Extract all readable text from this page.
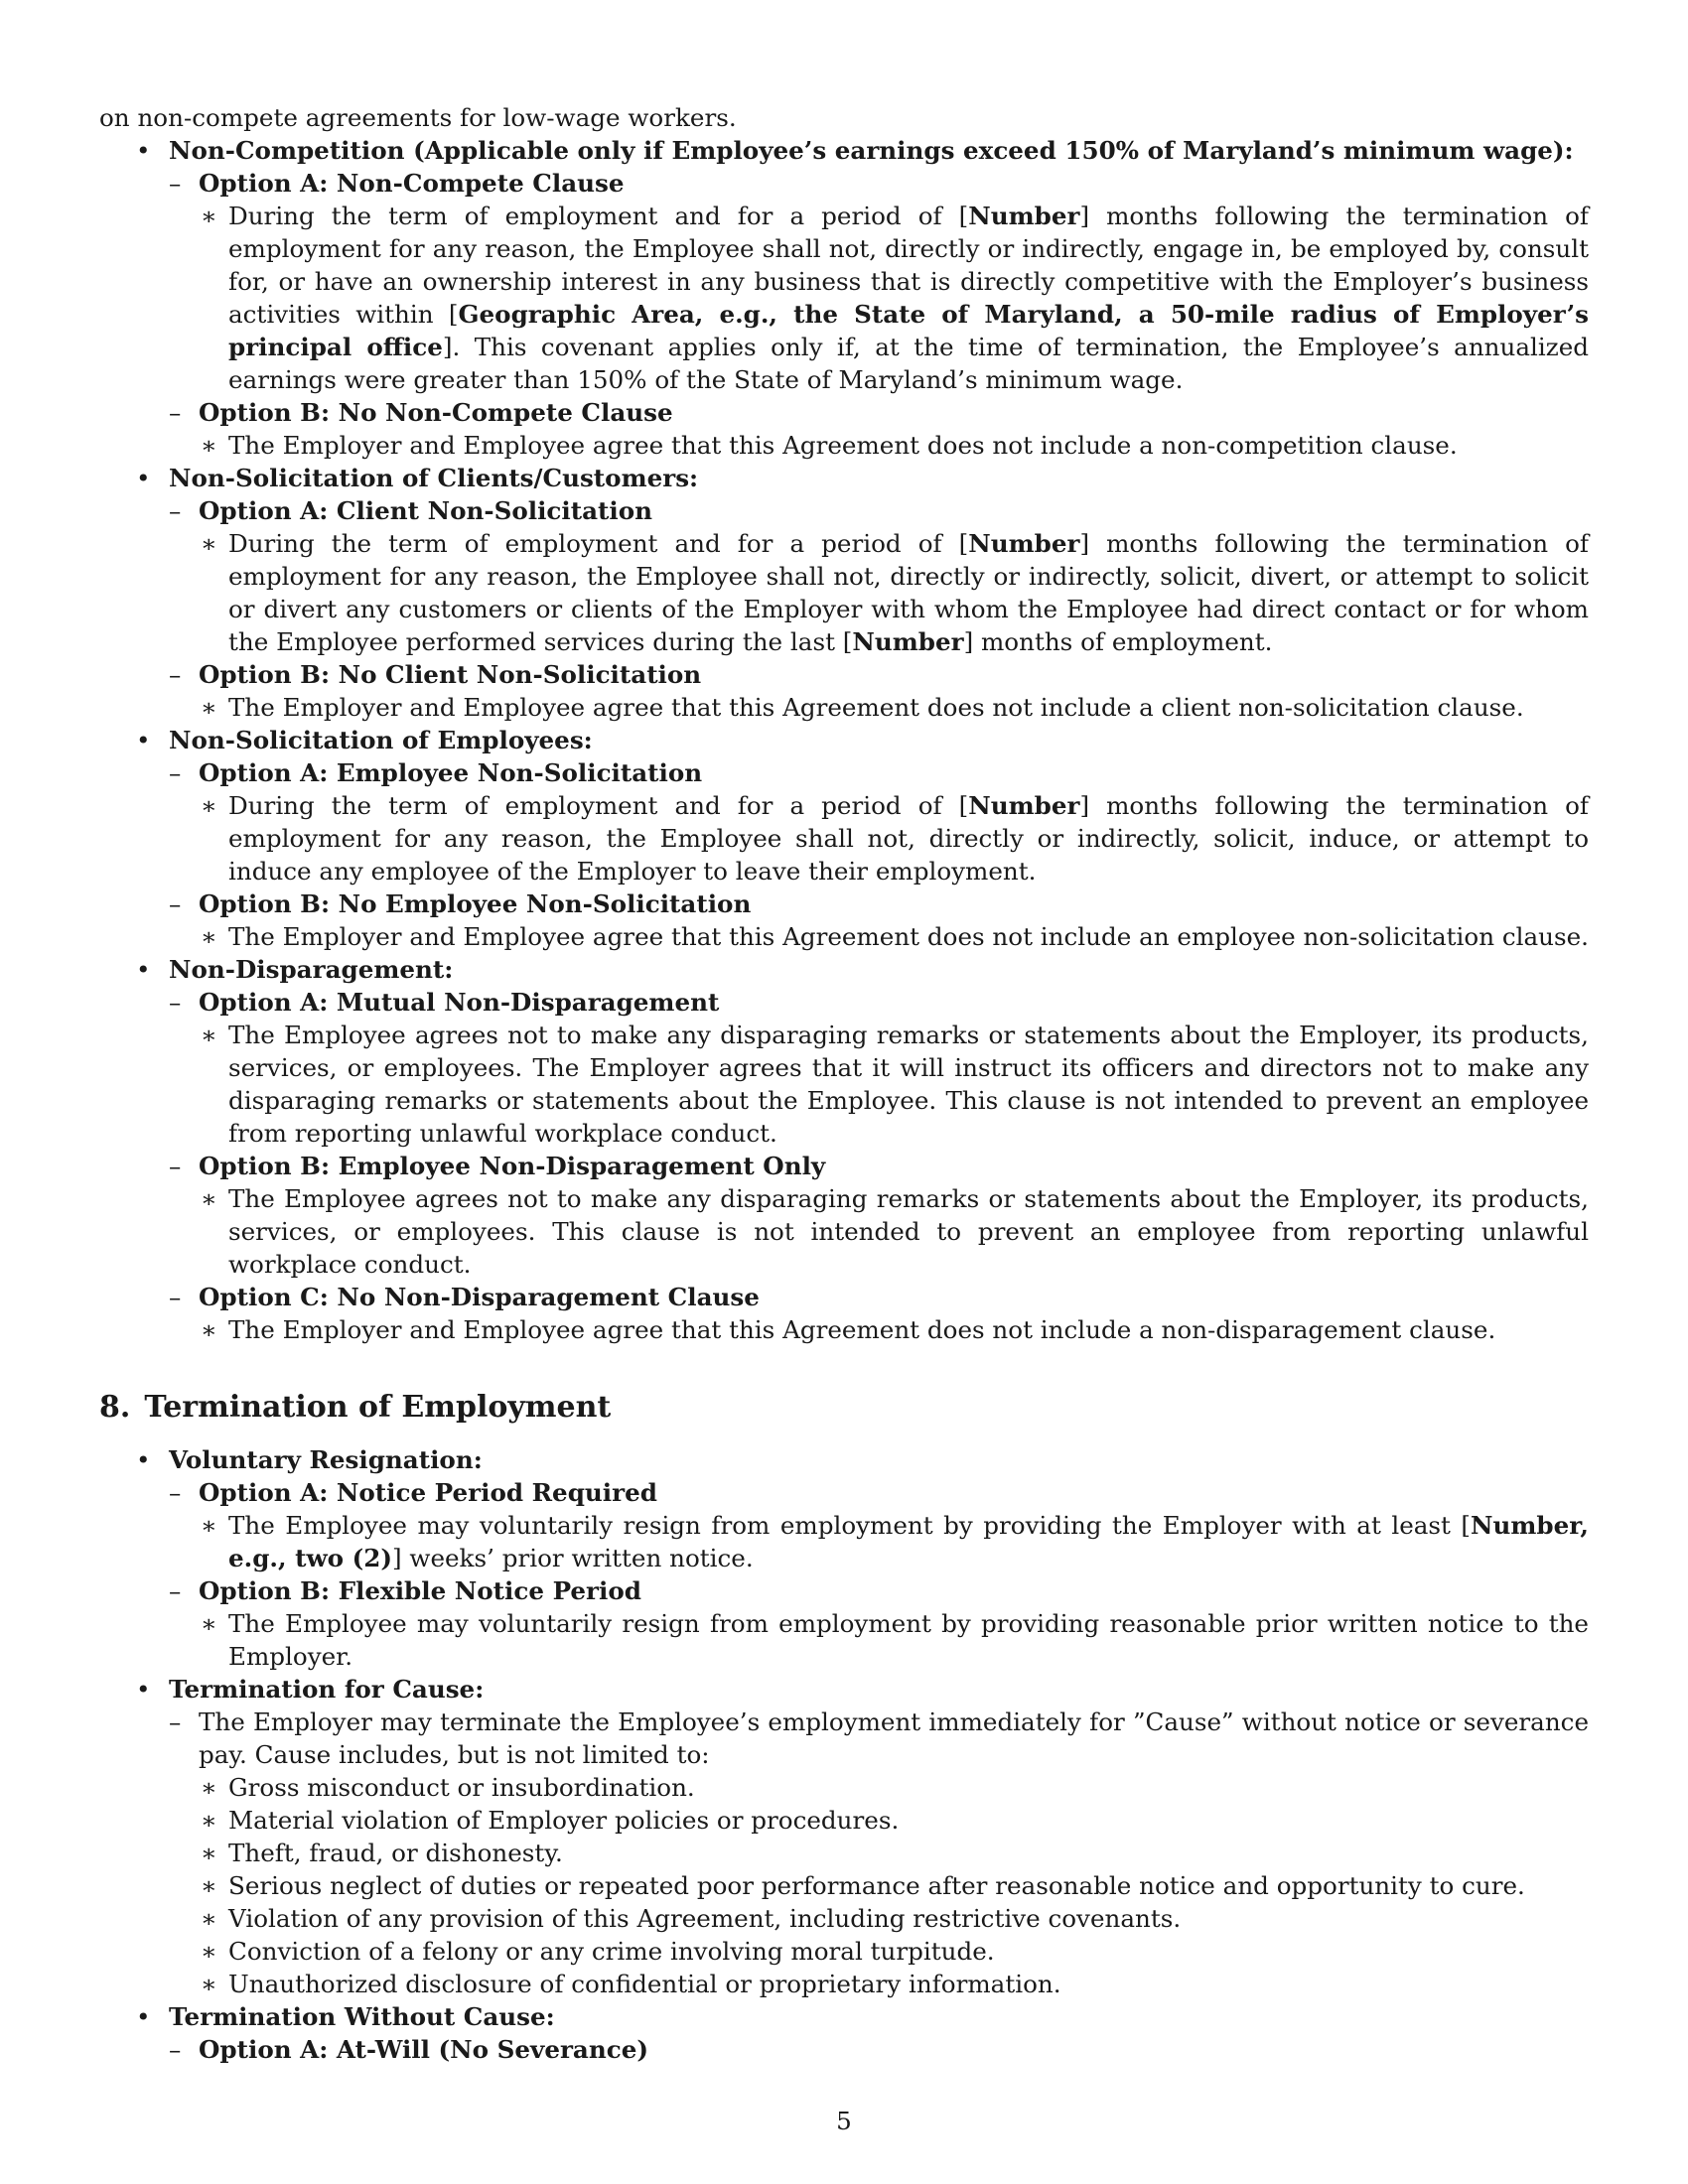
on non-compete agreements for low-wage workers.
• Non-Competition (Applicable only if Employee’s earnings exceed 150% of Maryland’s minimum wage):
– Option A: Non-Compete Clause
∗ During the term of employment and for a period of [Number] months following the termination of employment for any reason, the Employee shall not, directly or indirectly, engage in, be employed by, consult for, or have an ownership interest in any business that is directly competitive with the Employer’s business activities within [Geographic Area, e.g., the State of Maryland, a 50-mile radius of Employer’s principal office]. This covenant applies only if, at the time of termination, the Employee’s annualized earnings were greater than 150% of the State of Maryland’s minimum wage.
– Option B: No Non-Compete Clause
∗ The Employer and Employee agree that this Agreement does not include a non-competition clause.
• Non-Solicitation of Clients/Customers:
– Option A: Client Non-Solicitation
∗ During the term of employment and for a period of [Number] months following the termination of employment for any reason, the Employee shall not, directly or indirectly, solicit, divert, or attempt to solicit or divert any customers or clients of the Employer with whom the Employee had direct contact or for whom the Employee performed services during the last [Number] months of employment.
– Option B: No Client Non-Solicitation
∗ The Employer and Employee agree that this Agreement does not include a client non-solicitation clause.
• Non-Solicitation of Employees:
– Option A: Employee Non-Solicitation
∗ During the term of employment and for a period of [Number] months following the termination of employment for any reason, the Employee shall not, directly or indirectly, solicit, induce, or attempt to induce any employee of the Employer to leave their employment.
– Option B: No Employee Non-Solicitation
∗ The Employer and Employee agree that this Agreement does not include an employee non-solicitation clause.
• Non-Disparagement:
– Option A: Mutual Non-Disparagement
∗ The Employee agrees not to make any disparaging remarks or statements about the Employer, its products, services, or employees. The Employer agrees that it will instruct its officers and directors not to make any disparaging remarks or statements about the Employee. This clause is not intended to prevent an employee from reporting unlawful workplace conduct.
– Option B: Employee Non-Disparagement Only
∗ The Employee agrees not to make any disparaging remarks or statements about the Employer, its products, services, or employees. This clause is not intended to prevent an employee from reporting unlawful workplace conduct.
– Option C: No Non-Disparagement Clause
∗ The Employer and Employee agree that this Agreement does not include a non-disparagement clause.
8. Termination of Employment
• Voluntary Resignation:
– Option A: Notice Period Required
∗ The Employee may voluntarily resign from employment by providing the Employer with at least [Number, e.g., two (2)] weeks’ prior written notice.
– Option B: Flexible Notice Period
∗ The Employee may voluntarily resign from employment by providing reasonable prior written notice to the Employer.
• Termination for Cause:
– The Employer may terminate the Employee’s employment immediately for ”Cause” without notice or severance pay. Cause includes, but is not limited to:
∗ Gross misconduct or insubordination.
∗ Material violation of Employer policies or procedures.
∗ Theft, fraud, or dishonesty.
∗ Serious neglect of duties or repeated poor performance after reasonable notice and opportunity to cure.
∗ Violation of any provision of this Agreement, including restrictive covenants.
∗ Conviction of a felony or any crime involving moral turpitude.
∗ Unauthorized disclosure of confidential or proprietary information.
• Termination Without Cause:
– Option A: At-Will (No Severance)
5
